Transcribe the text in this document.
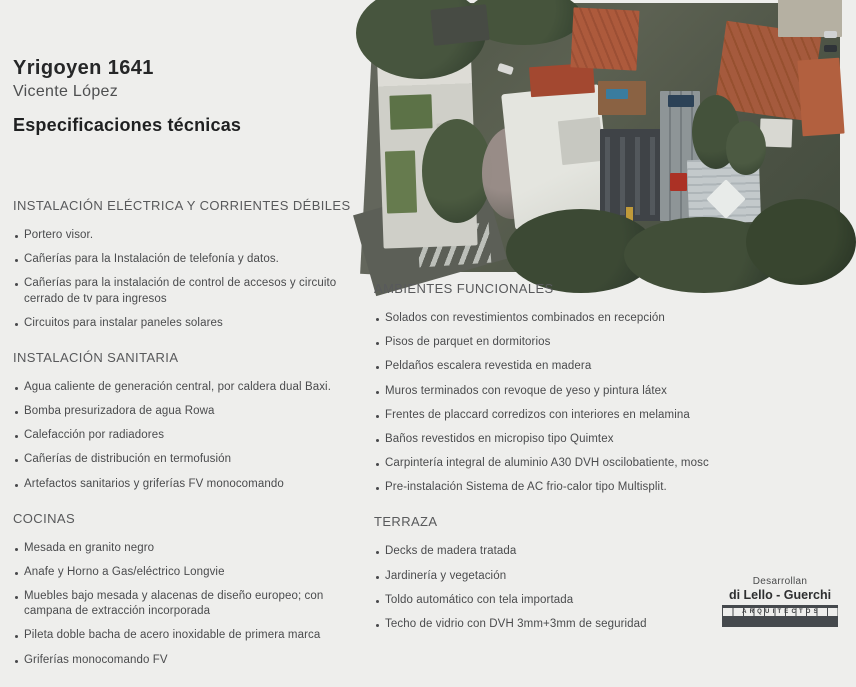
Yrigoyen 1641
Vicente López
Especificaciones técnicas
INSTALACIÓN ELÉCTRICA Y CORRIENTES DÉBILES
Portero visor.
Cañerías para la Instalación de telefonía y datos.
Cañerías para la instalación de control de accesos y circuito cerrado de tv para ingresos
Circuitos para instalar paneles solares
INSTALACIÓN SANITARIA
Agua caliente de generación central, por caldera dual Baxi.
Bomba presurizadora de agua Rowa
Calefacción por radiadores
Cañerías de distribución en termofusión
Artefactos sanitarios y griferías FV monocomando
COCINAS
Mesada en granito negro
Anafe y Horno a Gas/eléctrico Longvie
Muebles bajo mesada y alacenas de diseño europeo; con campana de extracción incorporada
Pileta doble bacha de acero inoxidable de primera marca
Griferías monocomando FV
AMBIENTES FUNCIONALES
Solados con revestimientos combinados en recepción
Pisos de parquet en dormitorios
Peldaños escalera revestida en madera
Muros terminados con revoque de yeso y pintura látex
Frentes de placcard corredizos con interiores en melamina
Baños revestidos en micropiso tipo Quimtex
Carpintería integral de aluminio A30 DVH oscilobatiente, mosc
Pre-instalación Sistema de AC frio-calor tipo Multisplit.
TERRAZA
Decks de madera tratada
Jardinería y vegetación
Toldo automático con tela importada
Techo de vidrio con DVH 3mm+3mm de seguridad
Desarrollan
di Lello - Guerchi
ARQUITECTOS
